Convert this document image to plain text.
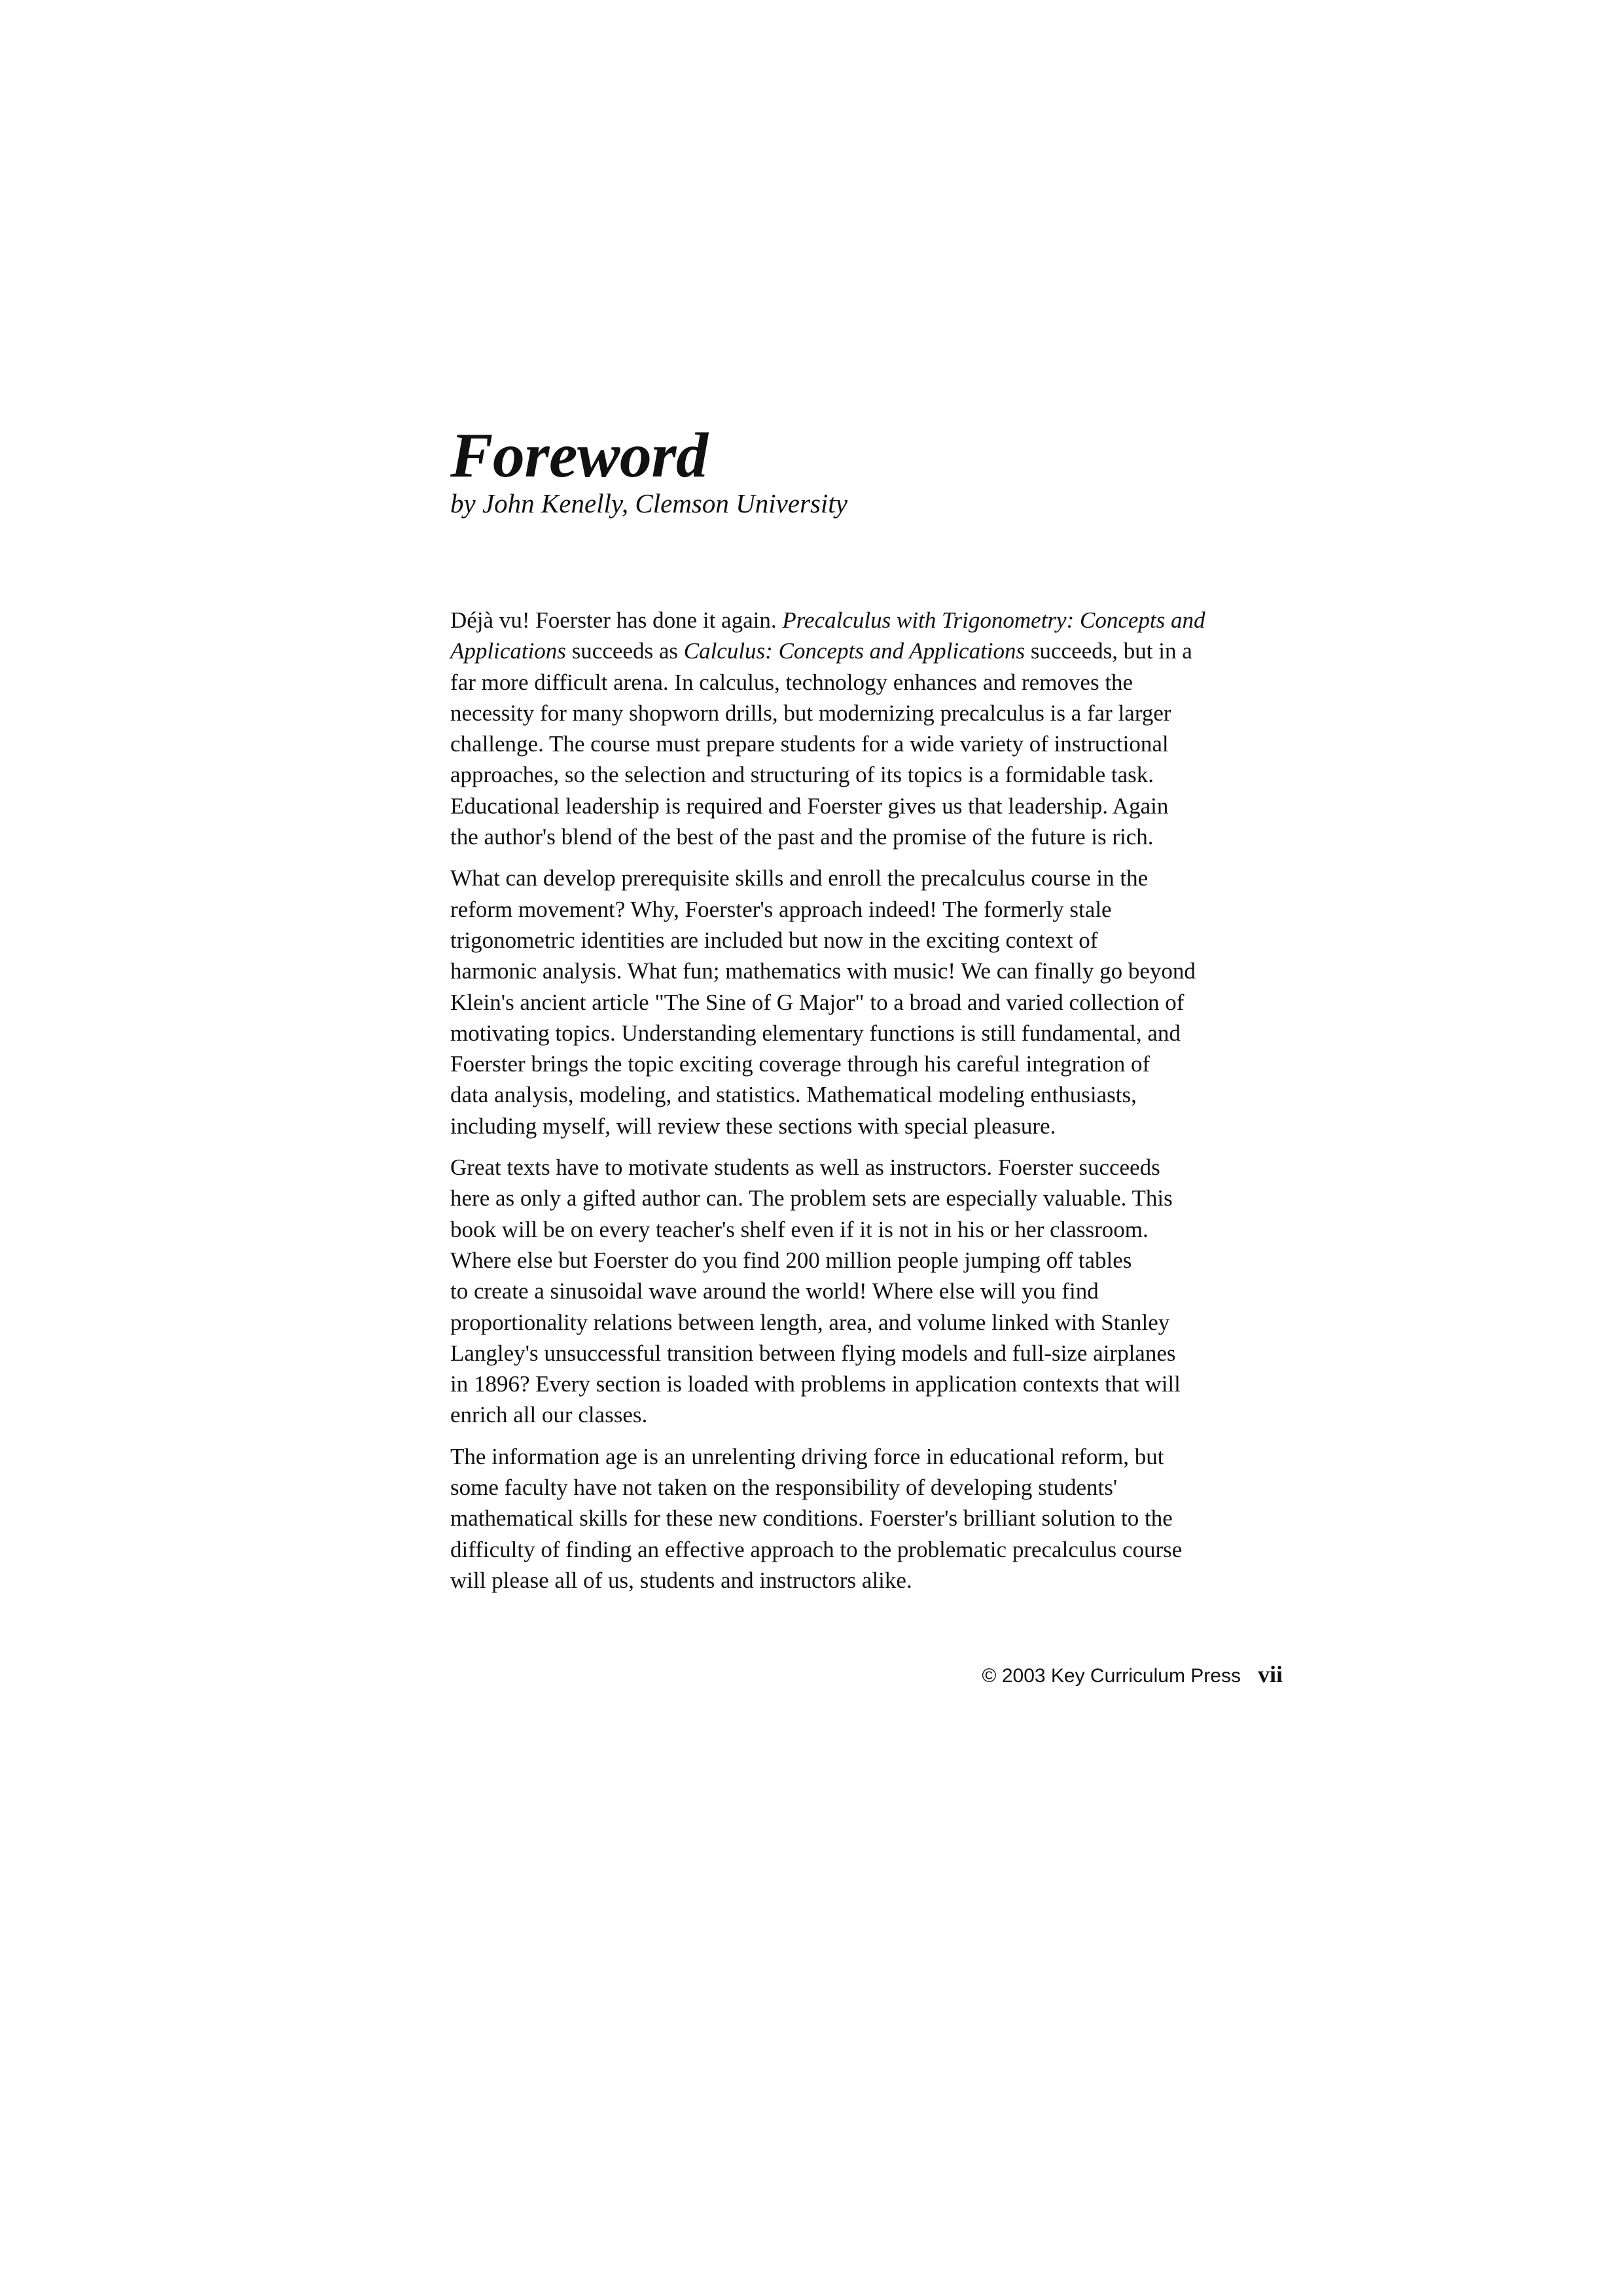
Foreword
by John Kenelly, Clemson University
Déjà vu! Foerster has done it again. Precalculus with Trigonometry: Concepts and
Applications succeeds as Calculus: Concepts and Applications succeeds, but in a
far more difficult arena. In calculus, technology enhances and removes the
necessity for many shopworn drills, but modernizing precalculus is a far larger
challenge. The course must prepare students for a wide variety of instructional
approaches, so the selection and structuring of its topics is a formidable task.
Educational leadership is required and Foerster gives us that leadership. Again
the author's blend of the best of the past and the promise of the future is rich.
What can develop prerequisite skills and enroll the precalculus course in the
reform movement? Why, Foerster's approach indeed! The formerly stale
trigonometric identities are included but now in the exciting context of
harmonic analysis. What fun; mathematics with music! We can finally go beyond
Klein's ancient article "The Sine of G Major" to a broad and varied collection of
motivating topics. Understanding elementary functions is still fundamental, and
Foerster brings the topic exciting coverage through his careful integration of
data analysis, modeling, and statistics. Mathematical modeling enthusiasts,
including myself, will review these sections with special pleasure.
Great texts have to motivate students as well as instructors. Foerster succeeds
here as only a gifted author can. The problem sets are especially valuable. This
book will be on every teacher's shelf even if it is not in his or her classroom.
Where else but Foerster do you find 200 million people jumping off tables
to create a sinusoidal wave around the world! Where else will you find
proportionality relations between length, area, and volume linked with Stanley
Langley's unsuccessful transition between flying models and full-size airplanes
in 1896? Every section is loaded with problems in application contexts that will
enrich all our classes.
The information age is an unrelenting driving force in educational reform, but
some faculty have not taken on the responsibility of developing students'
mathematical skills for these new conditions. Foerster's brilliant solution to the
difficulty of finding an effective approach to the problematic precalculus course
will please all of us, students and instructors alike.
© 2003 Key Curriculum Press vii
